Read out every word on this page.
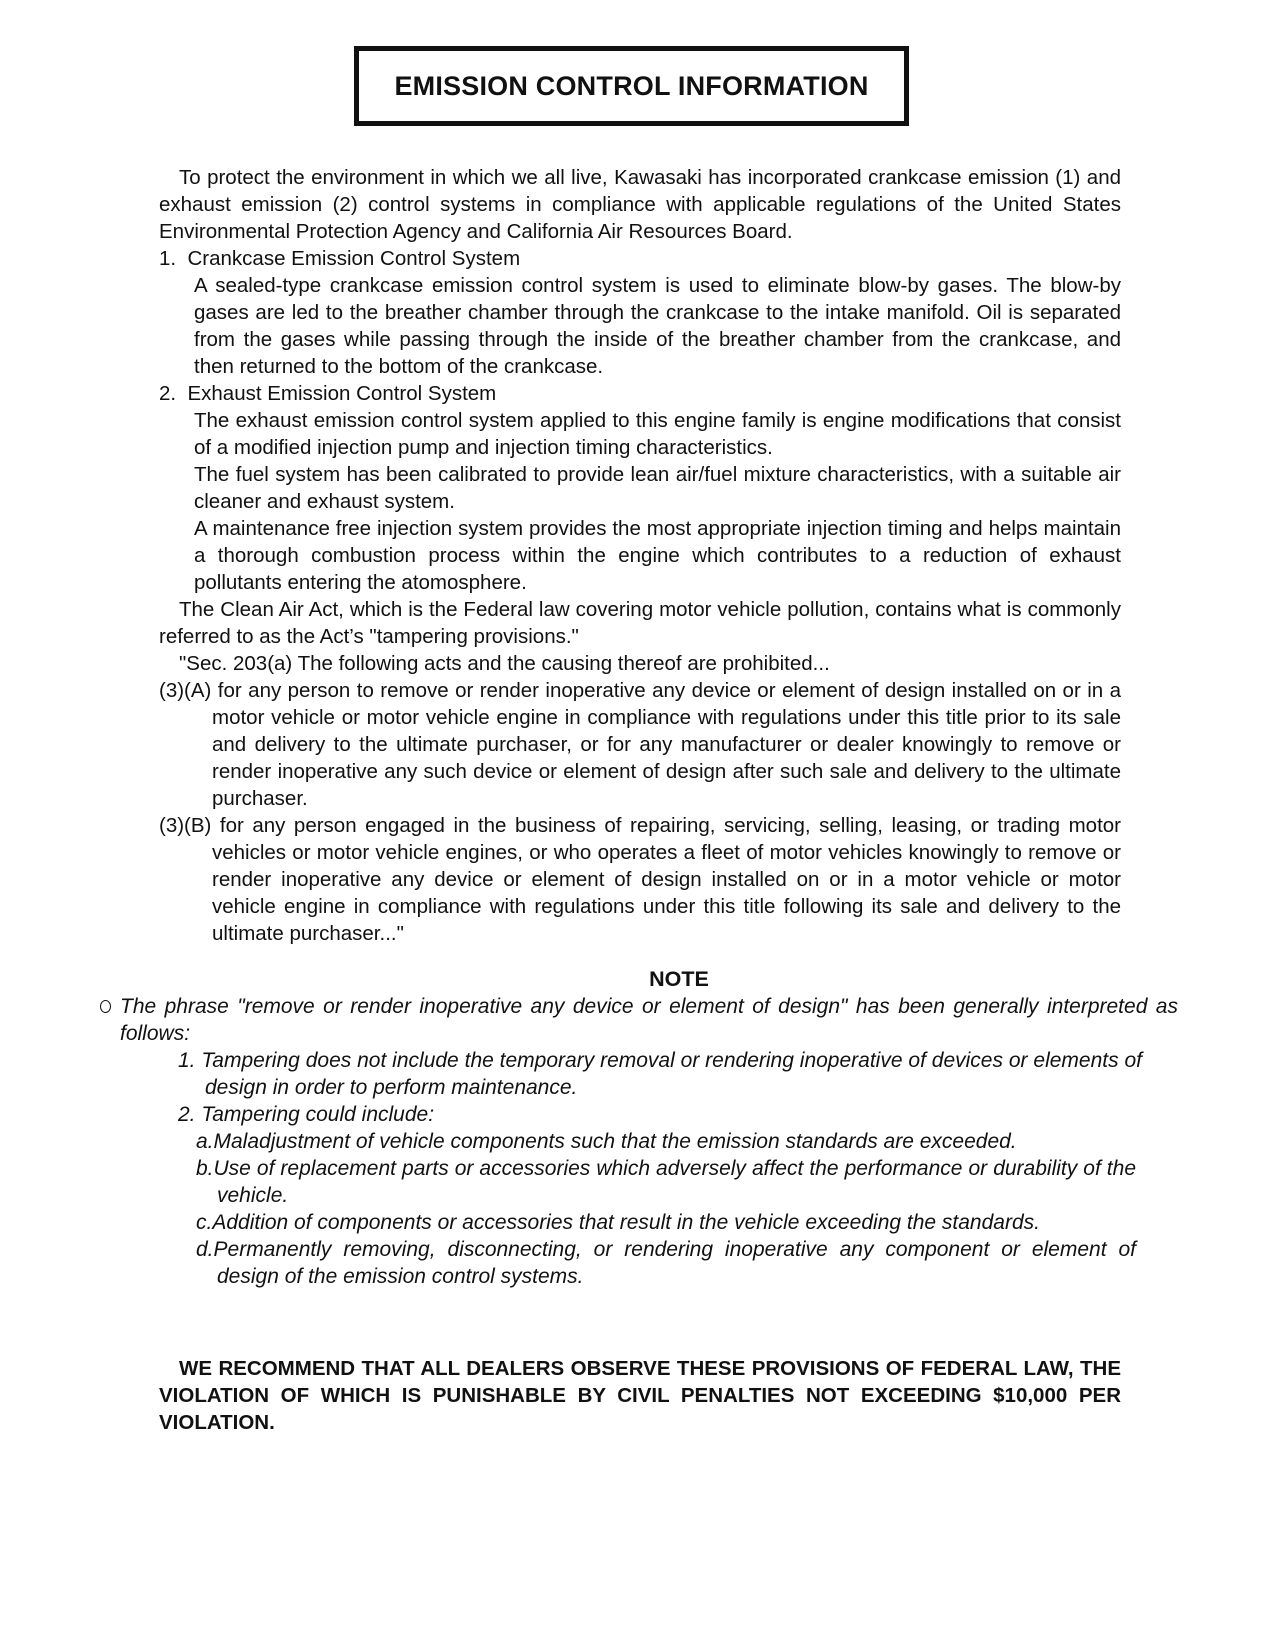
EMISSION CONTROL INFORMATION

To protect the environment in which we all live, Kawasaki has incorporated crankcase emission (1) and exhaust emission (2) control systems in compliance with applicable regulations of the United States Environmental Protection Agency and California Air Resources Board.

1.  Crankcase Emission Control System

A sealed-type crankcase emission control system is used to eliminate blow-by gases. The blow-by gases are led to the breather chamber through the crankcase to the intake manifold. Oil is separated from the gases while passing through the inside of the breather chamber from the crankcase, and then returned to the bottom of the crankcase.

2.  Exhaust Emission Control System

The exhaust emission control system applied to this engine family is engine modifications that consist of a modified injection pump and injection timing characteristics.

The fuel system has been calibrated to provide lean air/fuel mixture characteristics, with a suitable air cleaner and exhaust system.

A maintenance free injection system provides the most appropriate injection timing and helps maintain a thorough combustion process within the engine which contributes to a reduction of exhaust pollutants entering the atomosphere.

The Clean Air Act, which is the Federal law covering motor vehicle pollution, contains what is commonly referred to as the Act’s "tampering provisions."

"Sec. 203(a) The following acts and the causing thereof are prohibited...

(3)(A) for any person to remove or render inoperative any device or element of design installed on or in a motor vehicle or motor vehicle engine in compliance with regulations under this title prior to its sale and delivery to the ultimate purchaser, or for any manufacturer or dealer knowingly to remove or render inoperative any such device or element of design after such sale and delivery to the ultimate purchaser.

(3)(B) for any person engaged in the business of repairing, servicing, selling, leasing, or trading motor vehicles or motor vehicle engines, or who operates a fleet of motor vehicles knowingly to remove or render inoperative any device or element of design installed on or in a motor vehicle or motor vehicle engine in compliance with regulations under this title following its sale and delivery to the ultimate purchaser..."

NOTE

The phrase "remove or render inoperative any device or element of design" has been generally interpreted as follows:

1. Tampering does not include the temporary removal or rendering inoperative of devices or elements of design in order to perform maintenance.

2. Tampering could include:

a.Maladjustment of vehicle components such that the emission standards are exceeded.

b.Use of replacement parts or accessories which adversely affect the performance or durability of the vehicle.

c.Addition of components or accessories that result in the vehicle exceeding the standards.

d.Permanently removing, disconnecting, or rendering inoperative any component or element of design of the emission control systems.

WE RECOMMEND THAT ALL DEALERS OBSERVE THESE PROVISIONS OF FEDERAL LAW, THE VIOLATION OF WHICH IS PUNISHABLE BY CIVIL PENALTIES NOT EXCEEDING $10,000 PER VIOLATION.
